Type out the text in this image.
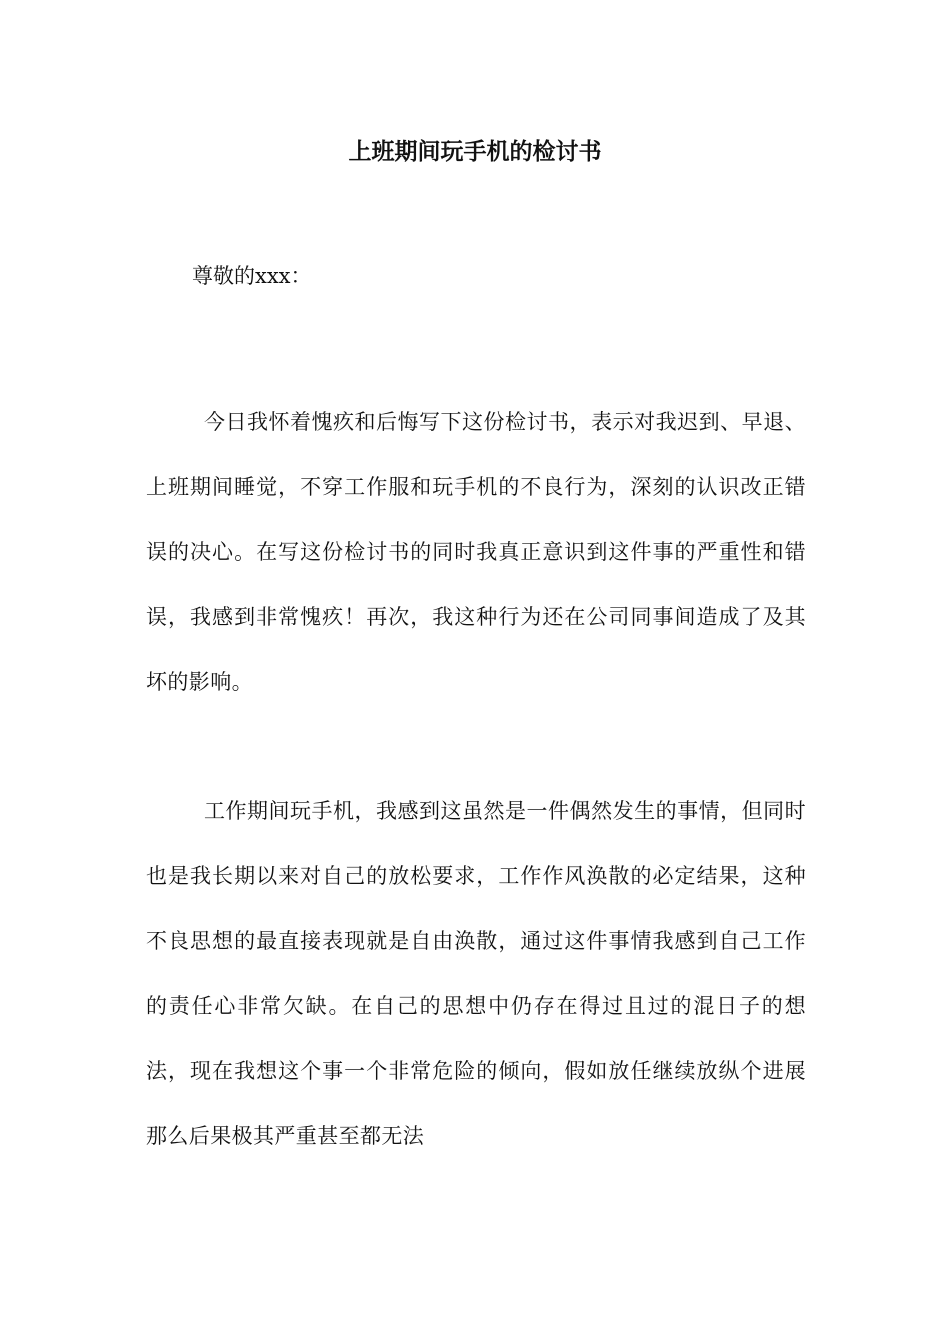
上班期间玩手机的检讨书

尊敬的xxx：

今日我怀着愧疚和后悔写下这份检讨书，表示对我迟到、早退、上班期间睡觉，不穿工作服和玩手机的不良行为，深刻的认识改正错误的决心。在写这份检讨书的同时我真正意识到这件事的严重性和错误，我感到非常愧疚！再次，我这种行为还在公司同事间造成了及其坏的影响。

工作期间玩手机，我感到这虽然是一件偶然发生的事情，但同时也是我长期以来对自己的放松要求，工作作风涣散的必定结果，这种不良思想的最直接表现就是自由涣散，通过这件事情我感到自己工作的责任心非常欠缺。在自己的思想中仍存在得过且过的混日子的想法，现在我想这个事一个非常危险的倾向，假如放任继续放纵个进展那么后果极其严重甚至都无法
